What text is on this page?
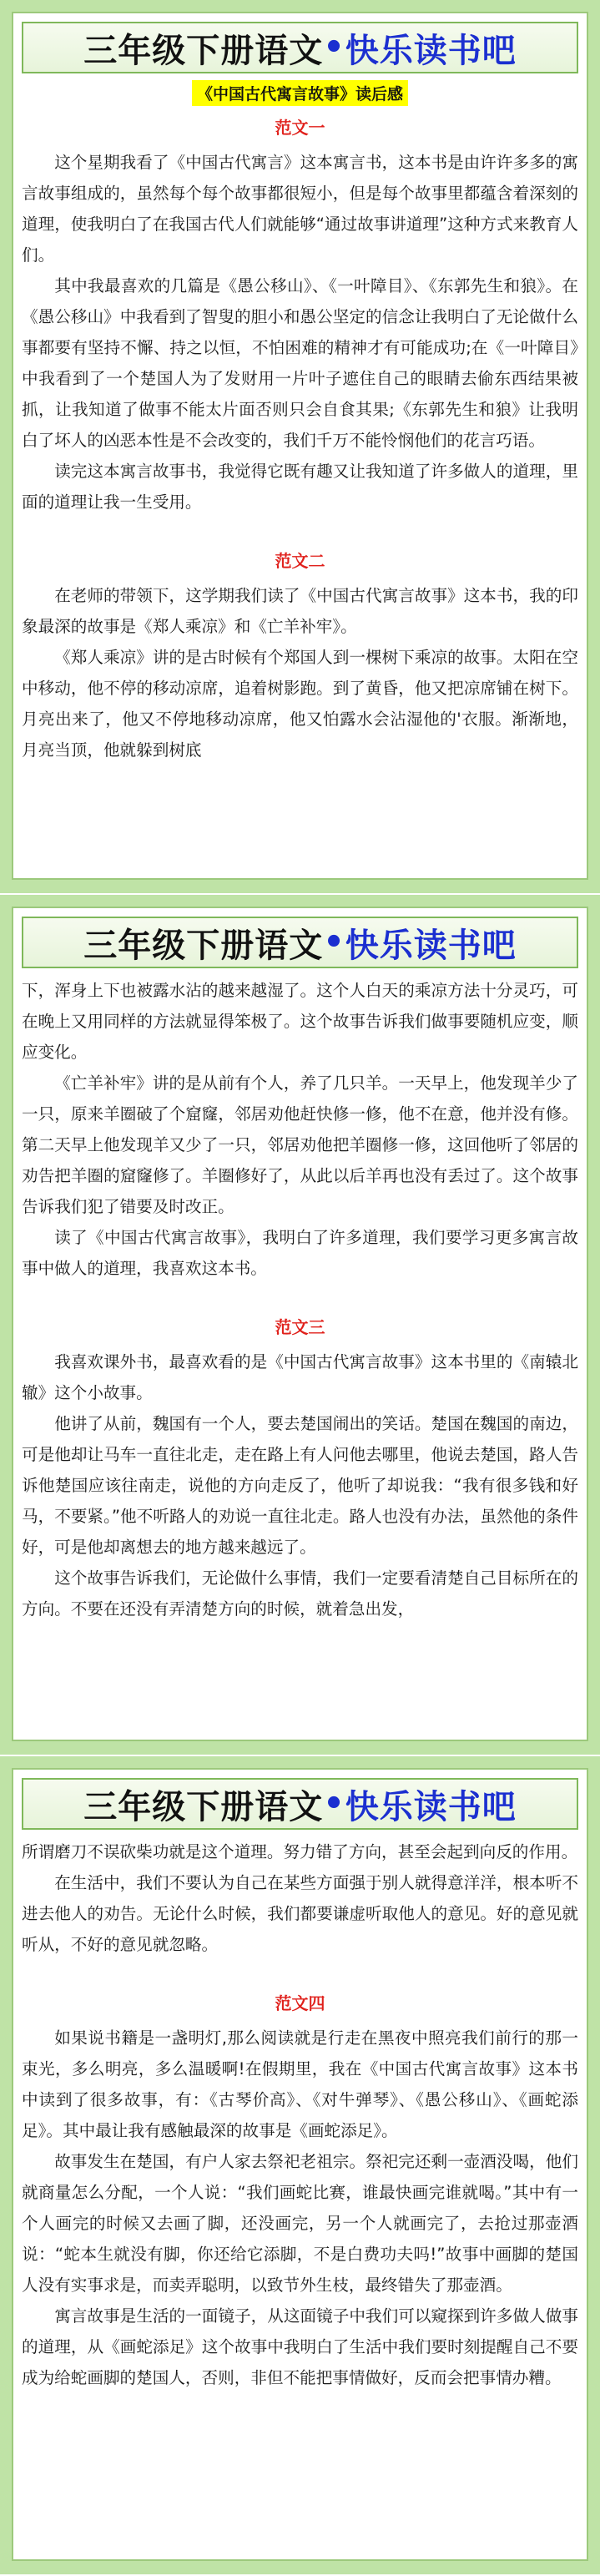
三年级下册语文 • 快乐读书吧
《中国古代寓言故事》读后感
范文一

这个星期我看了《中国古代寓言》这本寓言书，这本书是由许许多多的寓言故事组成的，虽然每个每个故事都很短小，但是每个故事里都蕴含着深刻的道理，使我明白了在我国古代人们就能够“通过故事讲道理”这种方式来教育人们。

其中我最喜欢的几篇是《愚公移山》、《一叶障目》、《东郭先生和狼》。在《愚公移山》中我看到了智叟的胆小和愚公坚定的信念让我明白了无论做什么事都要有坚持不懈、持之以恒，不怕困难的精神才有可能成功;在《一叶障目》中我看到了一个楚国人为了发财用一片叶子遮住自己的眼睛去偷东西结果被抓，让我知道了做事不能太片面否则只会自食其果;《东郭先生和狼》让我明白了坏人的凶恶本性是不会改变的，我们千万不能怜悯他们的花言巧语。

读完这本寓言故事书，我觉得它既有趣又让我知道了许多做人的道理，里面的道理让我一生受用。

范文二

在老师的带领下，这学期我们读了《中国古代寓言故事》这本书，我的印象最深的故事是《郑人乘凉》和《亡羊补牢》。

《郑人乘凉》讲的是古时候有个郑国人到一棵树下乘凉的故事。太阳在空中移动，他不停的移动凉席，追着树影跑。到了黄昏，他又把凉席铺在树下。月亮出来了，他又不停地移动凉席，他又怕露水会沾湿他的'衣服。渐渐地，月亮当顶，他就躲到树底

三年级下册语文 • 快乐读书吧

下，浑身上下也被露水沾的越来越湿了。这个人白天的乘凉方法十分灵巧，可在晚上又用同样的方法就显得笨极了。这个故事告诉我们做事要随机应变，顺应变化。

《亡羊补牢》讲的是从前有个人，养了几只羊。一天早上，他发现羊少了一只，原来羊圈破了个窟窿，邻居劝他赶快修一修，他不在意，他并没有修。第二天早上他发现羊又少了一只，邻居劝他把羊圈修一修，这回他听了邻居的劝告把羊圈的窟窿修了。羊圈修好了，从此以后羊再也没有丢过了。这个故事告诉我们犯了错要及时改正。

读了《中国古代寓言故事》，我明白了许多道理，我们要学习更多寓言故事中做人的道理，我喜欢这本书。

范文三

我喜欢课外书，最喜欢看的是《中国古代寓言故事》这本书里的《南辕北辙》这个小故事。

他讲了从前，魏国有一个人，要去楚国闹出的笑话。楚国在魏国的南边，可是他却让马车一直往北走，走在路上有人问他去哪里，他说去楚国，路人告诉他楚国应该往南走，说他的方向走反了，他听了却说我：“我有很多钱和好马，不要紧。”他不听路人的劝说一直往北走。路人也没有办法，虽然他的条件好，可是他却离想去的地方越来越远了。

这个故事告诉我们，无论做什么事情，我们一定要看清楚自己目标所在的方向。不要在还没有弄清楚方向的时候，就着急出发，

三年级下册语文 • 快乐读书吧

所谓磨刀不误砍柴功就是这个道理。努力错了方向，甚至会起到向反的作用。

在生活中，我们不要认为自己在某些方面强于别人就得意洋洋，根本听不进去他人的劝告。无论什么时候，我们都要谦虚听取他人的意见。好的意见就听从，不好的意见就忽略。

范文四

如果说书籍是一盏明灯,那么阅读就是行走在黑夜中照亮我们前行的那一束光，多么明亮，多么温暖啊!在假期里，我在《中国古代寓言故事》这本书中读到了很多故事，有：《古琴价高》、《对牛弹琴》、《愚公移山》、《画蛇添足》。其中最让我有感触最深的故事是《画蛇添足》。

故事发生在楚国，有户人家去祭祀老祖宗。祭祀完还剩一壶酒没喝，他们就商量怎么分配，一个人说：“我们画蛇比赛，谁最快画完谁就喝。”其中有一个人画完的时候又去画了脚，还没画完，另一个人就画完了，去抢过那壶酒说：“蛇本生就没有脚，你还给它添脚，不是白费功夫吗!”故事中画脚的楚国人没有实事求是，而卖弄聪明，以致节外生枝，最终错失了那壶酒。

寓言故事是生活的一面镜子，从这面镜子中我们可以窥探到许多做人做事的道理，从《画蛇添足》这个故事中我明白了生活中我们要时刻提醒自己不要成为给蛇画脚的楚国人，否则，非但不能把事情做好，反而会把事情办糟。
